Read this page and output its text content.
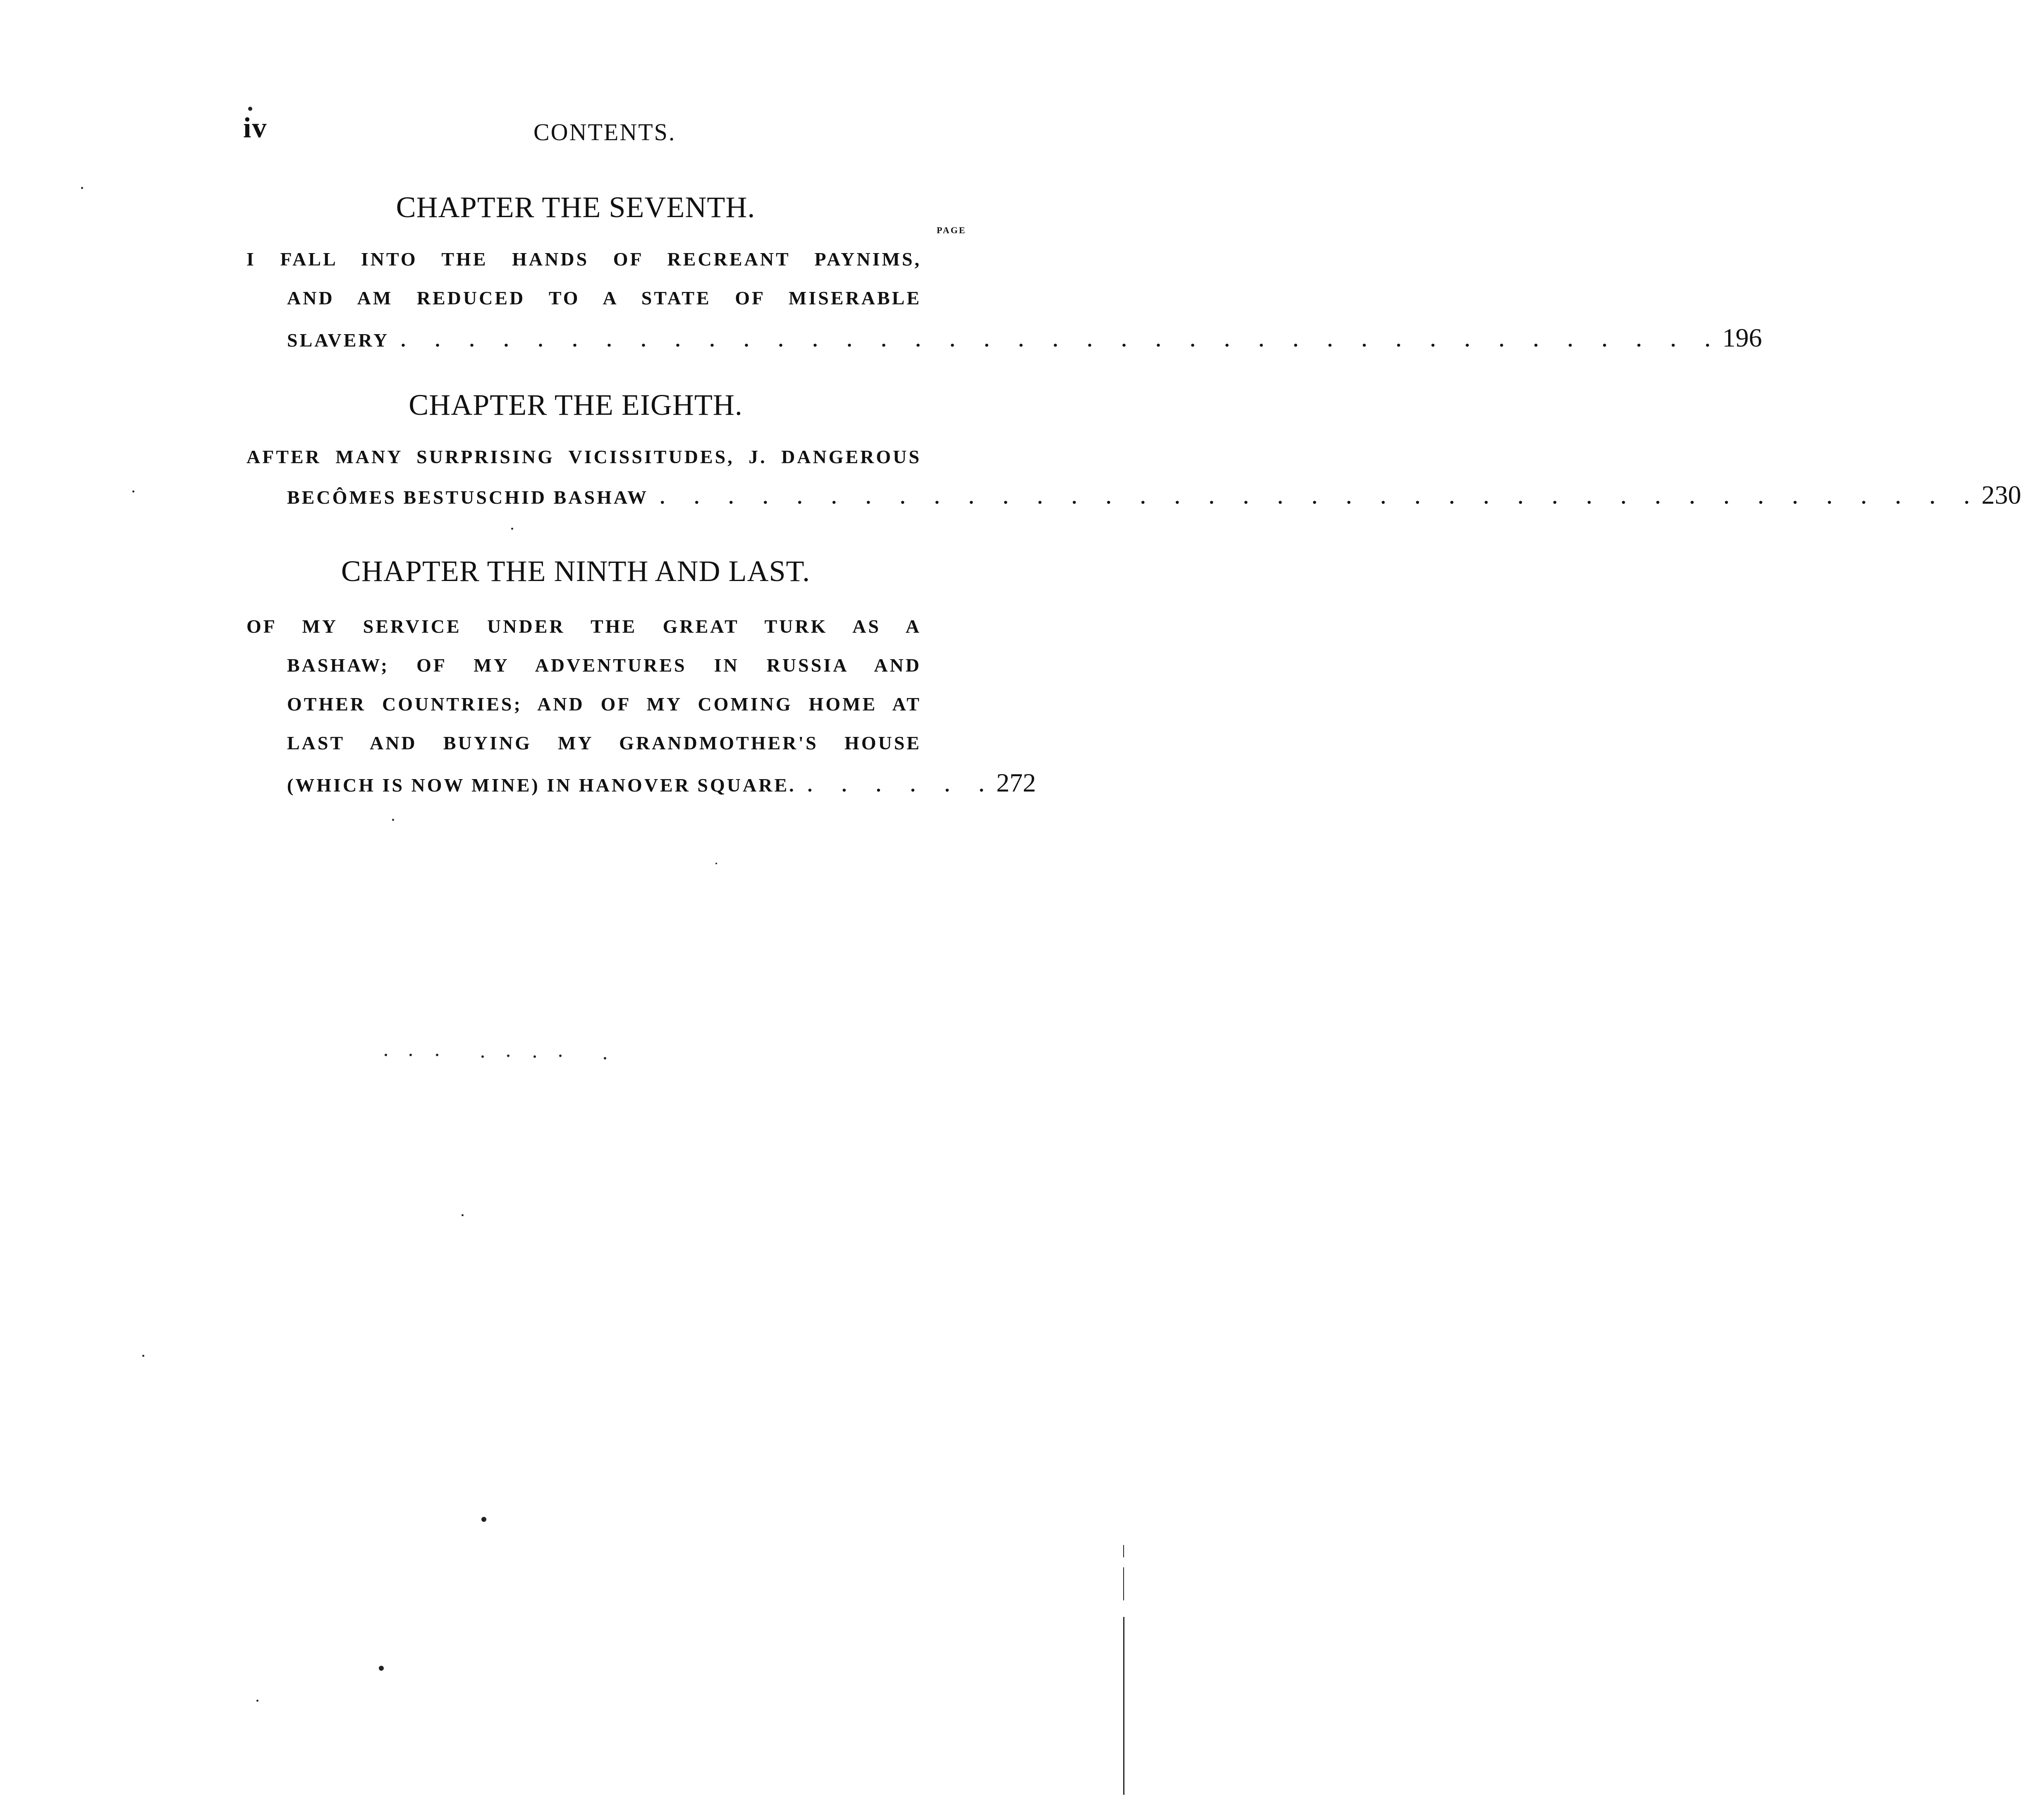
iv	CONTENTS.
CHAPTER THE SEVENTH.
PAGE
I FALL INTO THE HANDS OF RECREANT PAYNIMS,
AND AM REDUCED TO A STATE OF MISERABLE
SLAVERY . . . . . . . . . . . . . . . . . . . . . . . . . . . . . . . . . . . . . . . 196
CHAPTER THE EIGHTH.
AFTER MANY SURPRISING VICISSITUDES, J. DANGEROUS
BECÔMES BESTUSCHID BASHAW . . . . . . . . . . . . . . . . . . . . . . . . . . . . . . . . . . . . . . . 230
CHAPTER THE NINTH AND LAST.
OF MY SERVICE UNDER THE GREAT TURK AS A
BASHAW; OF MY ADVENTURES IN RUSSIA AND
OTHER COUNTRIES; AND OF MY COMING HOME AT
LAST AND BUYING MY GRANDMOTHER'S HOUSE
(WHICH IS NOW MINE) IN HANOVER SQUARE. . . . . . . 272
